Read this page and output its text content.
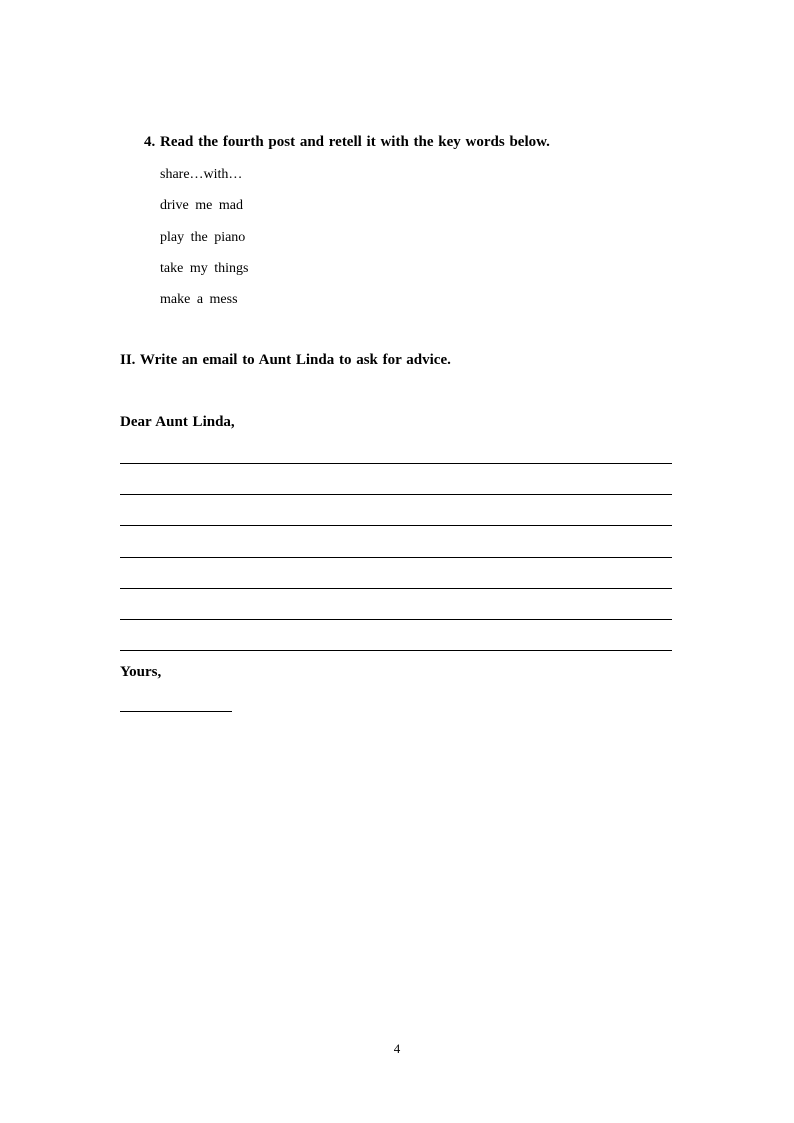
4. Read the fourth post and retell it with the key words below.
share…with…
drive me mad
play the piano
take my things
make a mess
II. Write an email to Aunt Linda to ask for advice.
Dear Aunt Linda,
Yours,
4
